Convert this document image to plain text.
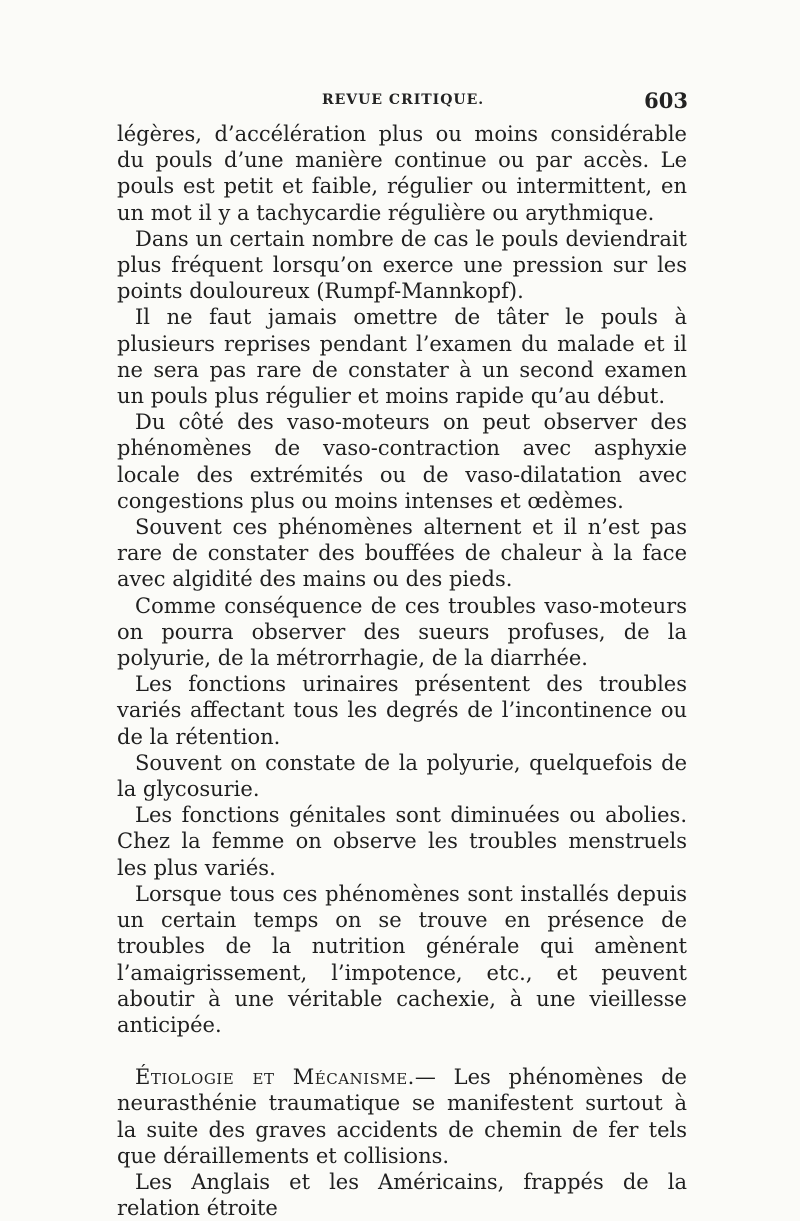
REVUE CRITIQUE.	603

légères, d’accélération plus ou moins considérable du pouls d’une manière continue ou par accès. Le pouls est petit et faible, régulier ou intermittent, en un mot il y a tachycardie régulière ou arythmique.

Dans un certain nombre de cas le pouls deviendrait plus fréquent lorsqu’on exerce une pression sur les points douloureux (Rumpf-Mannkopf).

Il ne faut jamais omettre de tâter le pouls à plusieurs reprises pendant l’examen du malade et il ne sera pas rare de constater à un second examen un pouls plus régulier et moins rapide qu’au début.

Du côté des vaso-moteurs on peut observer des phénomènes de vaso-contraction avec asphyxie locale des extrémités ou de vaso-dilatation avec congestions plus ou moins intenses et œdèmes.

Souvent ces phénomènes alternent et il n’est pas rare de constater des bouffées de chaleur à la face avec algidité des mains ou des pieds.

Comme conséquence de ces troubles vaso-moteurs on pourra observer des sueurs profuses, de la polyurie, de la métrorrhagie, de la diarrhée.

Les fonctions urinaires présentent des troubles variés affectant tous les degrés de l’incontinence ou de la rétention.

Souvent on constate de la polyurie, quelquefois de la glycosurie.

Les fonctions génitales sont diminuées ou abolies. Chez la femme on observe les troubles menstruels les plus variés.

Lorsque tous ces phénomènes sont installés depuis un certain temps on se trouve en présence de troubles de la nutrition générale qui amènent l’amaigrissement, l’impotence, etc., et peuvent aboutir à une véritable cachexie, à une vieillesse anticipée.

Étiologie et Mécanisme.— Les phénomènes de neurasthénie traumatique se manifestent surtout à la suite des graves accidents de chemin de fer tels que déraillements et collisions.

Les Anglais et les Américains, frappés de la relation étroite
